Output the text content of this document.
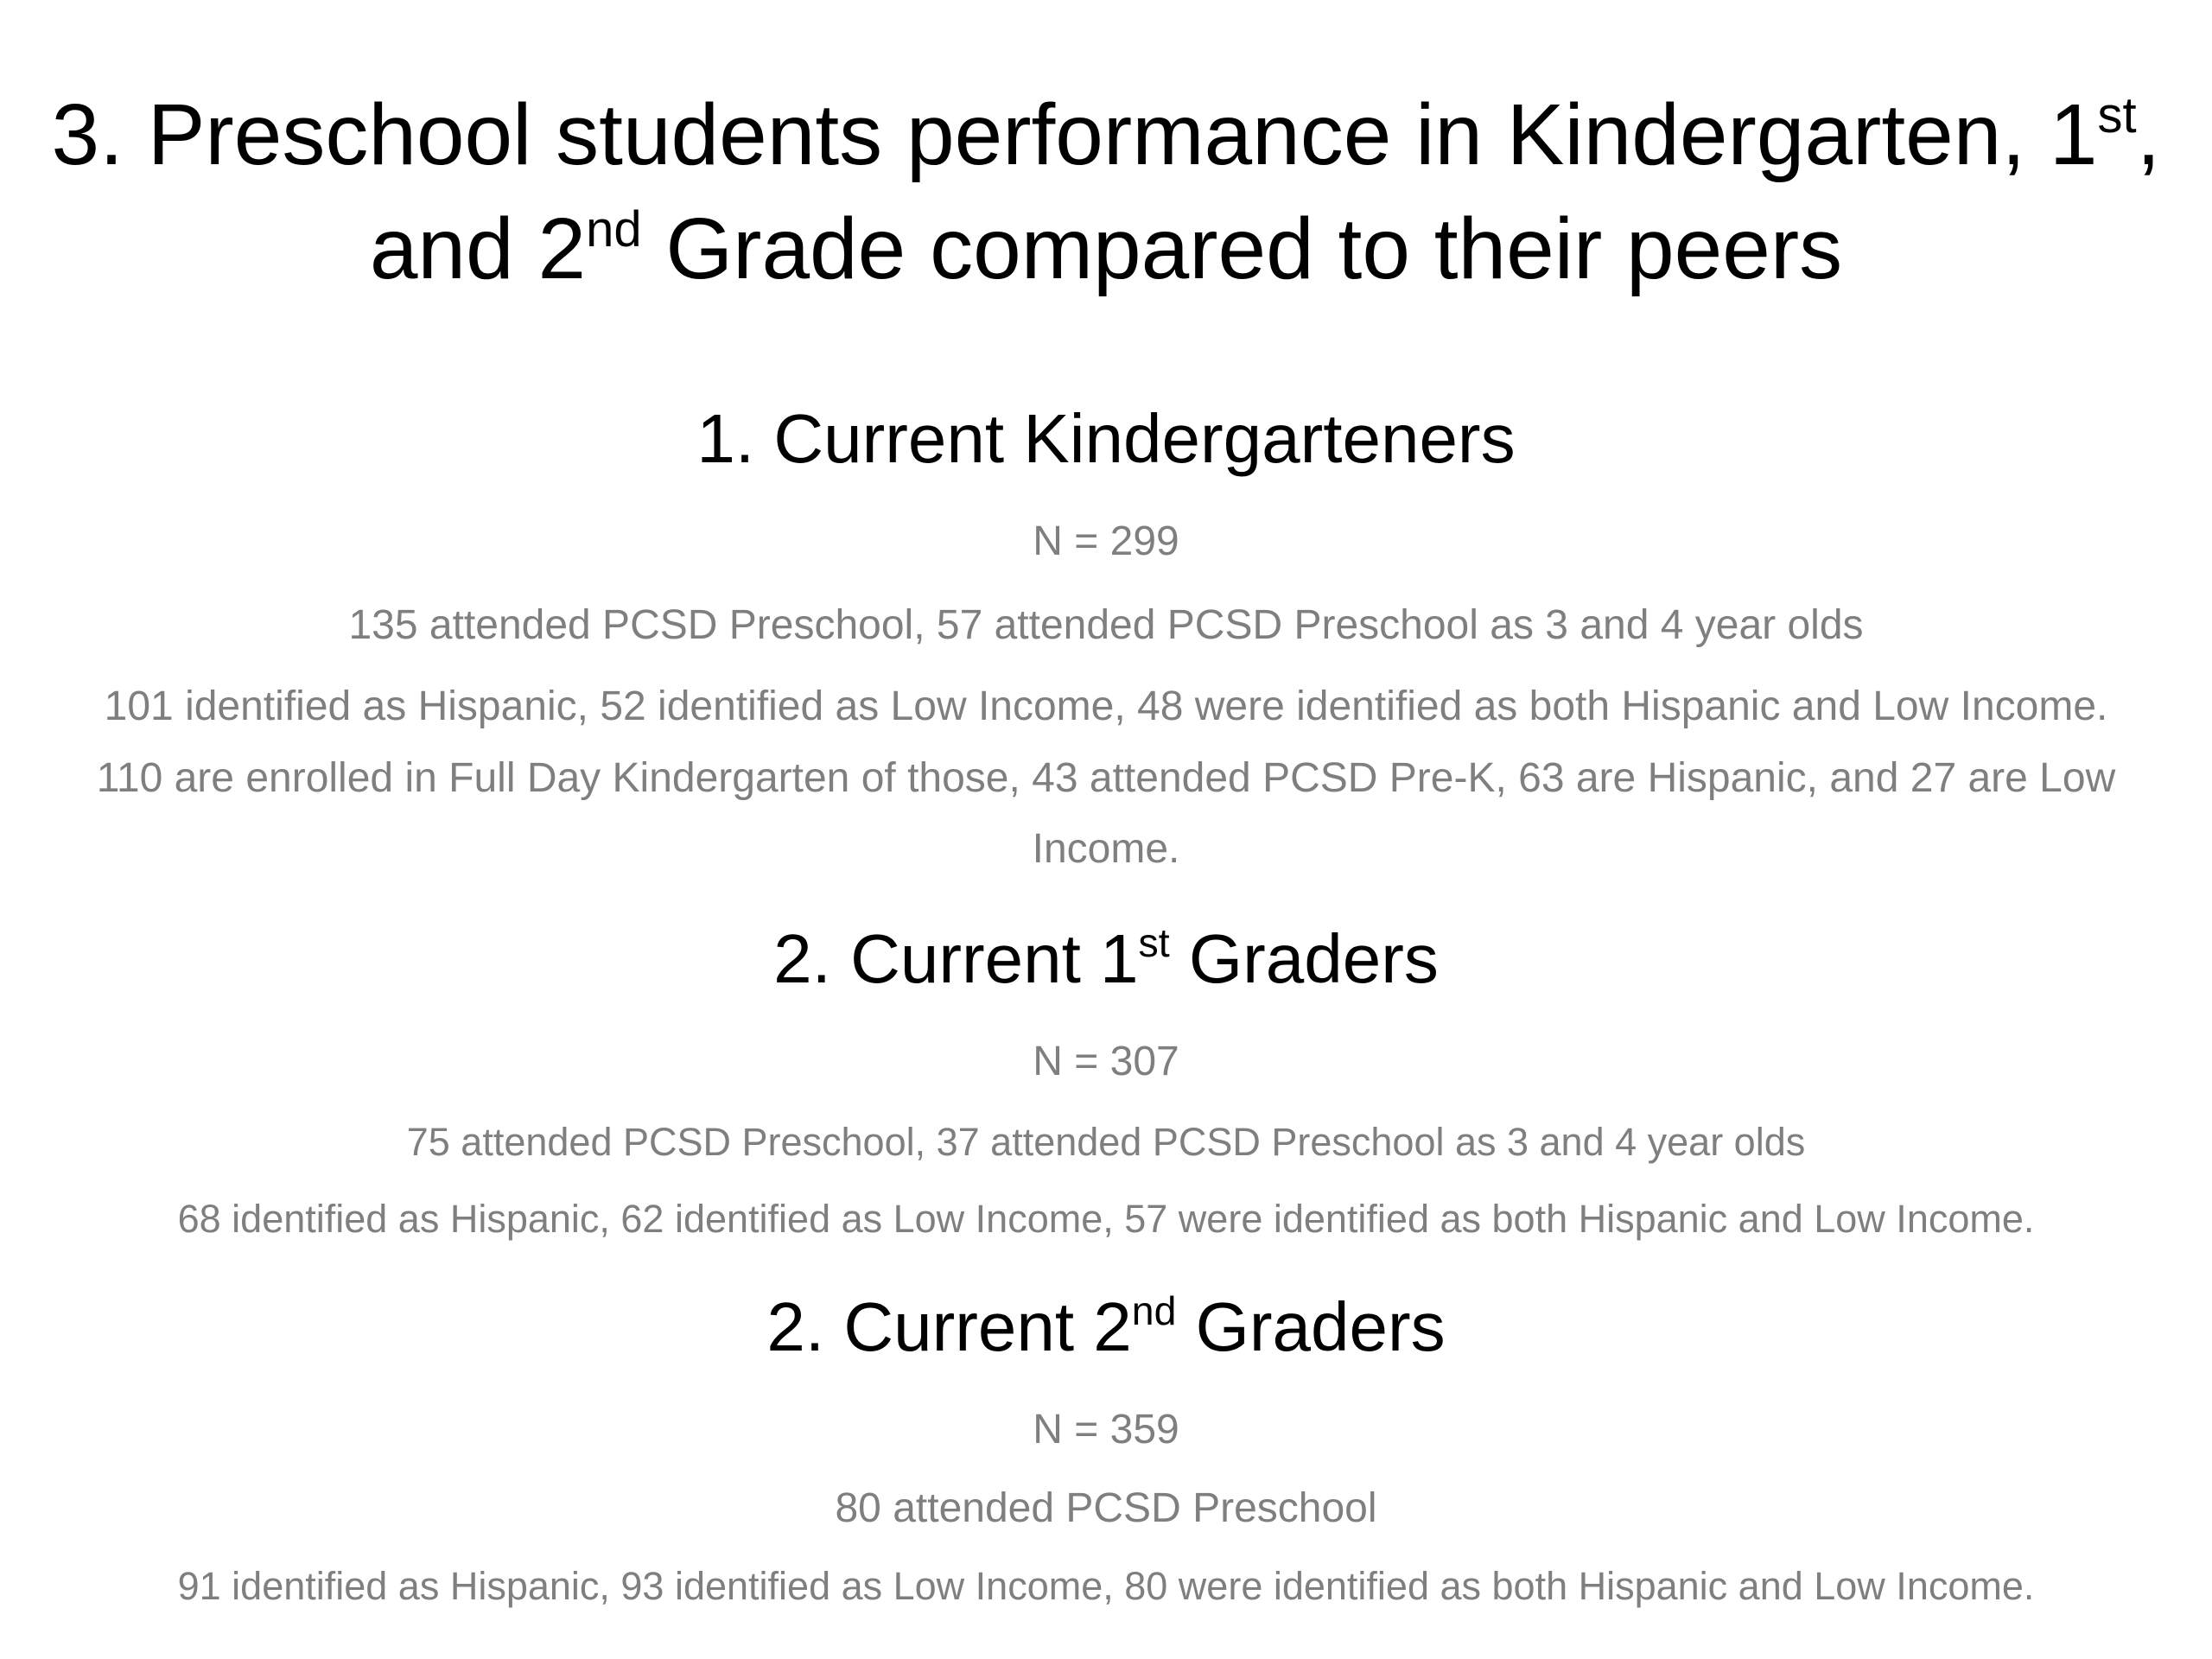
3. Preschool students performance in Kindergarten, 1st,
and 2nd Grade compared to their peers
1. Current Kindergarteners
N = 299
135 attended PCSD Preschool, 57 attended PCSD Preschool as 3 and 4 year olds
101 identified as Hispanic, 52 identified as Low Income, 48 were identified as both Hispanic and Low Income.
110 are enrolled in Full Day Kindergarten of those, 43 attended PCSD Pre-K, 63 are Hispanic, and 27 are Low
Income.
2. Current 1st Graders
N = 307
75 attended PCSD Preschool, 37 attended PCSD Preschool as 3 and 4 year olds
68 identified as Hispanic, 62 identified as Low Income, 57 were identified as both Hispanic and Low Income.
2. Current 2nd Graders
N = 359
80 attended PCSD Preschool
91 identified as Hispanic, 93 identified as Low Income, 80 were identified as both Hispanic and Low Income.
